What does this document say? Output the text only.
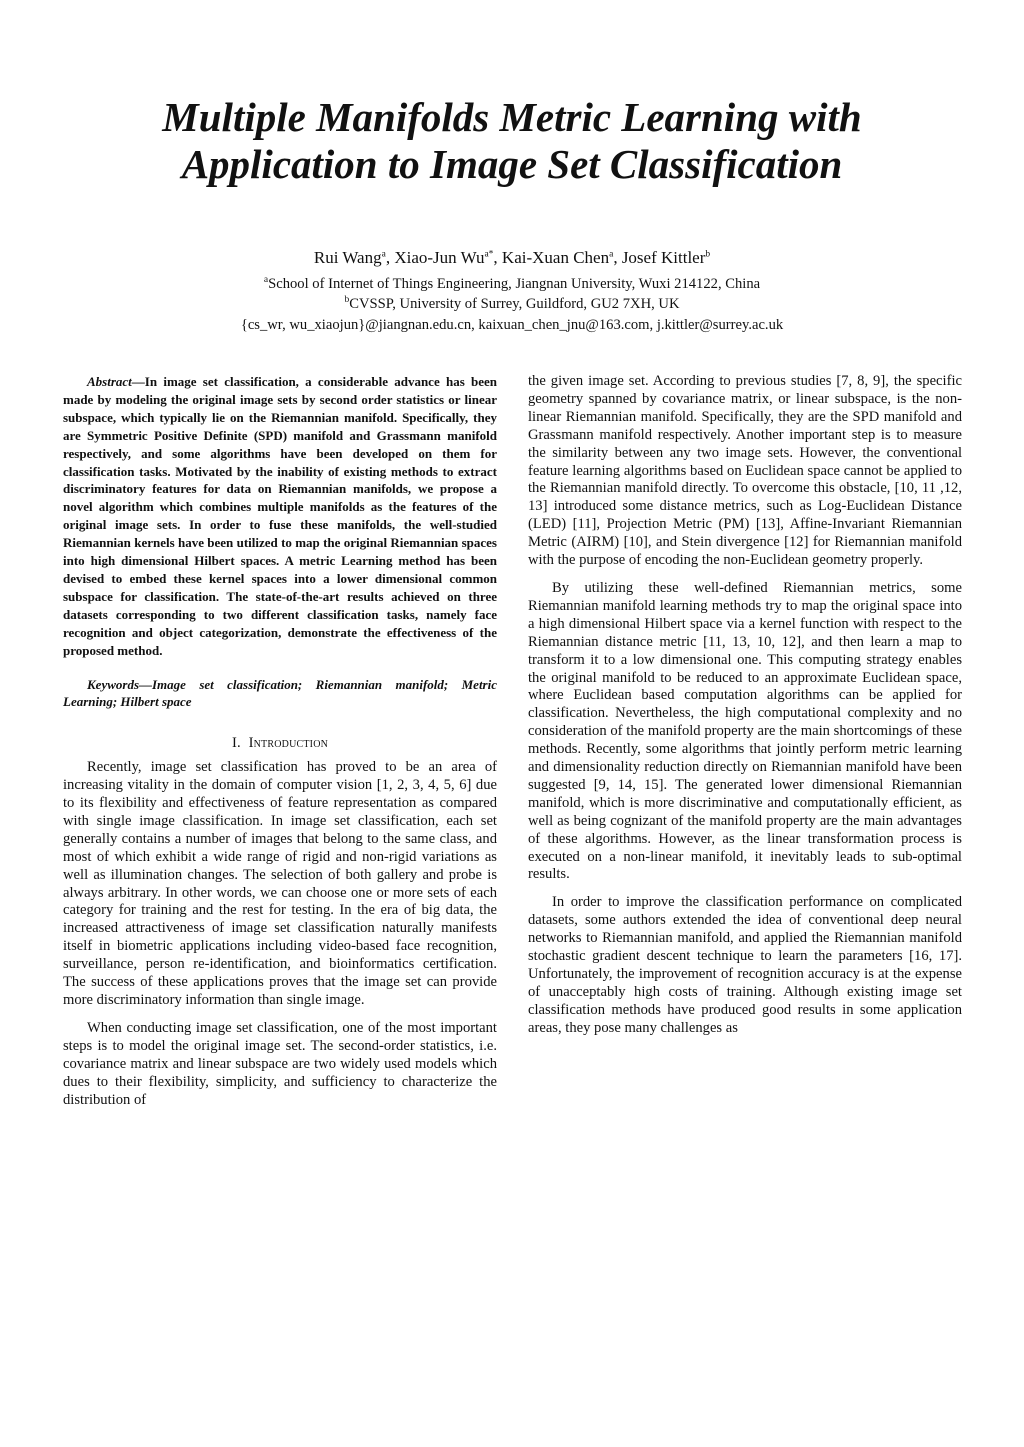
Multiple Manifolds Metric Learning with
Application to Image Set Classification
Rui Wang$^a$, Xiao-Jun $Wu^{a*}$, Kai-Xuan Chen$^a$, Josef Kittler$^b$
$^a$School of Internet of Things Engineering, Jiangnan University, Wuxi 214122, China
$^b$CVSSP, University of Surrey, Guildford, GU2 7XH, UK
{cs_wr, wu_xiaojun}@jiangnan.edu.cn, kaixuan_chen_jnu@163.com, j.kittler@surrey.ac.uk

Abstract—In image set classification, a considerable advance has been made by modeling the original image sets by second order statistics or linear subspace, which typically lie on the Riemannian manifold. Specifically, they are Symmetric Positive Definite (SPD) manifold and Grassmann manifold respectively, and some algorithms have been developed on them for classification tasks. Motivated by the inability of existing methods to extract discriminatory features for data on Riemannian manifolds, we propose a novel algorithm which combines multiple manifolds as the features of the original image sets. In order to fuse these manifolds, the well-studied Riemannian kernels have been utilized to map the original Riemannian spaces into high dimensional Hilbert spaces. A metric Learning method has been devised to embed these kernel spaces into a lower dimensional common subspace for classification. The state-of-the-art results achieved on three datasets corresponding to two different classification tasks, namely face recognition and object categorization, demonstrate the effectiveness of the proposed method.

Keywords—Image set classification; Riemannian manifold; Metric Learning; Hilbert space

I. Introduction

Recently, image set classification has proved to be an area of increasing vitality in the domain of computer vision [1, 2, 3, 4, 5, 6] due to its flexibility and effectiveness of feature representation as compared with single image classification. In image set classification, each set generally contains a number of images that belong to the same class, and most of which exhibit a wide range of rigid and non-rigid variations as well as illumination changes. The selection of both gallery and probe is always arbitrary. In other words, we can choose one or more sets of each category for training and the rest for testing. In the era of big data, the increased attractiveness of image set classification naturally manifests itself in biometric applications including video-based face recognition, surveillance, person re-identification, and bioinformatics certification. The success of these applications proves that the image set can provide more discriminatory information than single image.

When conducting image set classification, one of the most important steps is to model the original image set. The second-order statistics, i.e. covariance matrix and linear subspace are two widely used models which dues to their flexibility, simplicity, and sufficiency to characterize the distribution of

the given image set. According to previous studies [7, 8, 9], the specific geometry spanned by covariance matrix, or linear subspace, is the non-linear Riemannian manifold. Specifically, they are the SPD manifold and Grassmann manifold respectively. Another important step is to measure the similarity between any two image sets. However, the conventional feature learning algorithms based on Euclidean space cannot be applied to the Riemannian manifold directly. To overcome this obstacle, [10, 11 ,12, 13] introduced some distance metrics, such as Log-Euclidean Distance (LED) [11], Projection Metric (PM) [13], Affine-Invariant Riemannian Metric (AIRM) [10], and Stein divergence [12] for Riemannian manifold with the purpose of encoding the non-Euclidean geometry properly.

By utilizing these well-defined Riemannian metrics, some Riemannian manifold learning methods try to map the original space into a high dimensional Hilbert space via a kernel function with respect to the Riemannian distance metric [11, 13, 10, 12], and then learn a map to transform it to a low dimensional one. This computing strategy enables the original manifold to be reduced to an approximate Euclidean space, where Euclidean based computation algorithms can be applied for classification. Nevertheless, the high computational complexity and no consideration of the manifold property are the main shortcomings of these methods. Recently, some algorithms that jointly perform metric learning and dimensionality reduction directly on Riemannian manifold have been suggested [9, 14, 15]. The generated lower dimensional Riemannian manifold, which is more discriminative and computationally efficient, as well as being cognizant of the manifold property are the main advantages of these algorithms. However, as the linear transformation process is executed on a non-linear manifold, it inevitably leads to sub-optimal results.

In order to improve the classification performance on complicated datasets, some authors extended the idea of conventional deep neural networks to Riemannian manifold, and applied the Riemannian manifold stochastic gradient descent technique to learn the parameters [16, 17]. Unfortunately, the improvement of recognition accuracy is at the expense of unacceptably high costs of training. Although existing image set classification methods have produced good results in some application areas, they pose many challenges as
